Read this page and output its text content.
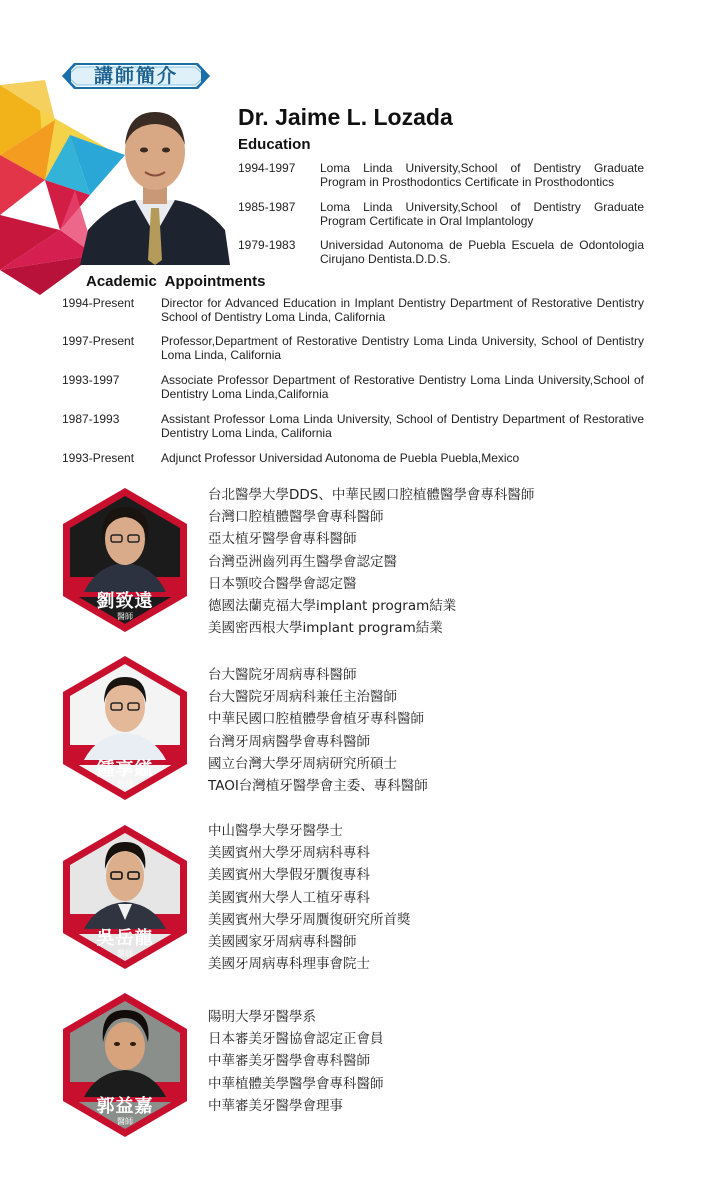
講師簡介
Dr. Jaime L. Lozada
Education
1994-1997	Loma Linda University,School of Dentistry Graduate Program in Prosthodontics Certificate in Prosthodontics
1985-1987	Loma Linda University,School of Dentistry Graduate Program Certificate in Oral Implantology
1979-1983	Universidad Autonoma de Puebla Escuela de Odontologia Cirujano Dentista.D.D.S.
Academic  Appointments
1994-Present	Director for Advanced Education in Implant Dentistry Department of Restorative Dentistry School of Dentistry Loma Linda, California
1997-Present	Professor,Department of Restorative Dentistry Loma Linda University, School of Dentistry Loma Linda, California
1993-1997	Associate Professor Department of Restorative Dentistry Loma Linda University,School of Dentistry Loma Linda,California
1987-1993	Assistant Professor Loma Linda University, School of Dentistry Department of Restorative Dentistry Loma Linda, California
1993-Present	Adjunct Professor Universidad Autonoma de Puebla Puebla,Mexico
劉致遠
醫師
台北醫學大學DDS、中華民國口腔植體醫學會專科醫師
台灣口腔植體醫學會專科醫師
亞太植牙醫學會專科醫師
台灣亞洲齒列再生醫學會認定醫
日本顎咬合醫學會認定醫
德國法蘭克福大學implant program結業
美國密西根大學implant program結業
鍾享縊
醫師
台大醫院牙周病專科醫師
台大醫院牙周病科兼任主治醫師
中華民國口腔植體學會植牙專科醫師
台灣牙周病醫學會專科醫師
國立台灣大學牙周病研究所碩士
TAOI台灣植牙醫學會主委、專科醫師
吳岳龍
醫師
中山醫學大學牙醫學士
美國賓州大學牙周病科專科
美國賓州大學假牙贋復專科
美國賓州大學人工植牙專科
美國賓州大學牙周贋復研究所首獎
美國國家牙周病專科醫師
美國牙周病專科理事會院士
郭益嘉
醫師
陽明大學牙醫學系
日本審美牙醫協會認定正會員
中華審美牙醫學會專科醫師
中華植體美學醫學會專科醫師
中華審美牙醫學會理事
